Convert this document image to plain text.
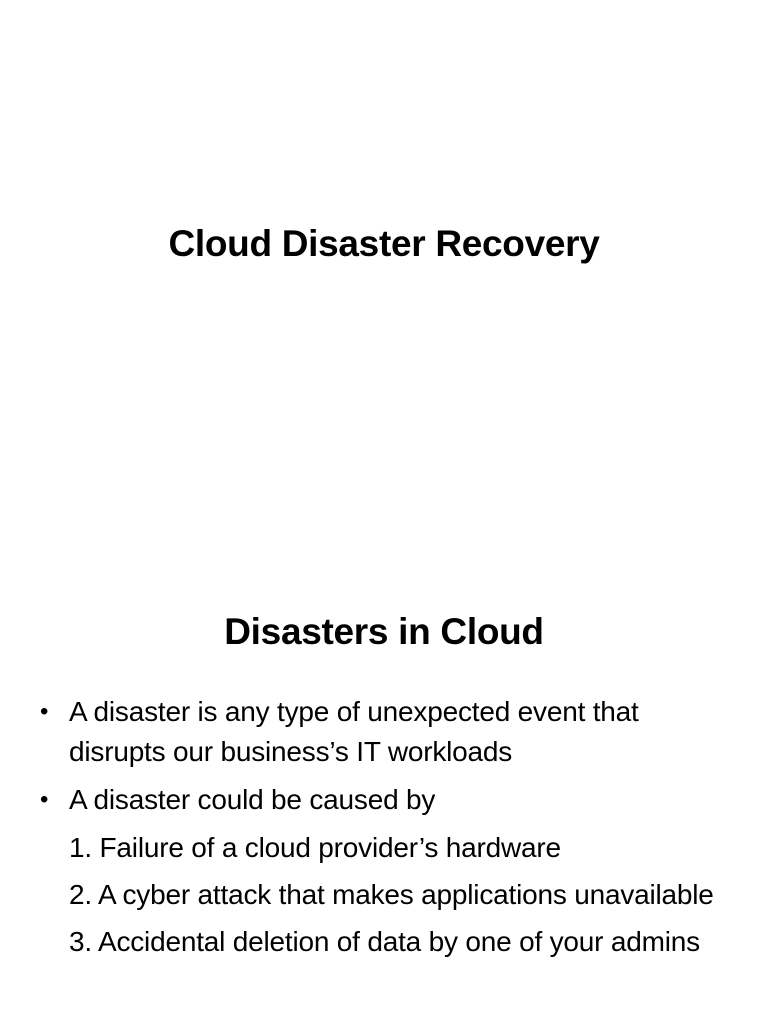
Cloud Disaster Recovery
Disasters in Cloud
• A disaster is any type of unexpected event that disrupts our business’s IT workloads
• A disaster could be caused by
1. Failure of a cloud provider’s hardware
2. A cyber attack that makes applications unavailable
3. Accidental deletion of data by one of your admins
